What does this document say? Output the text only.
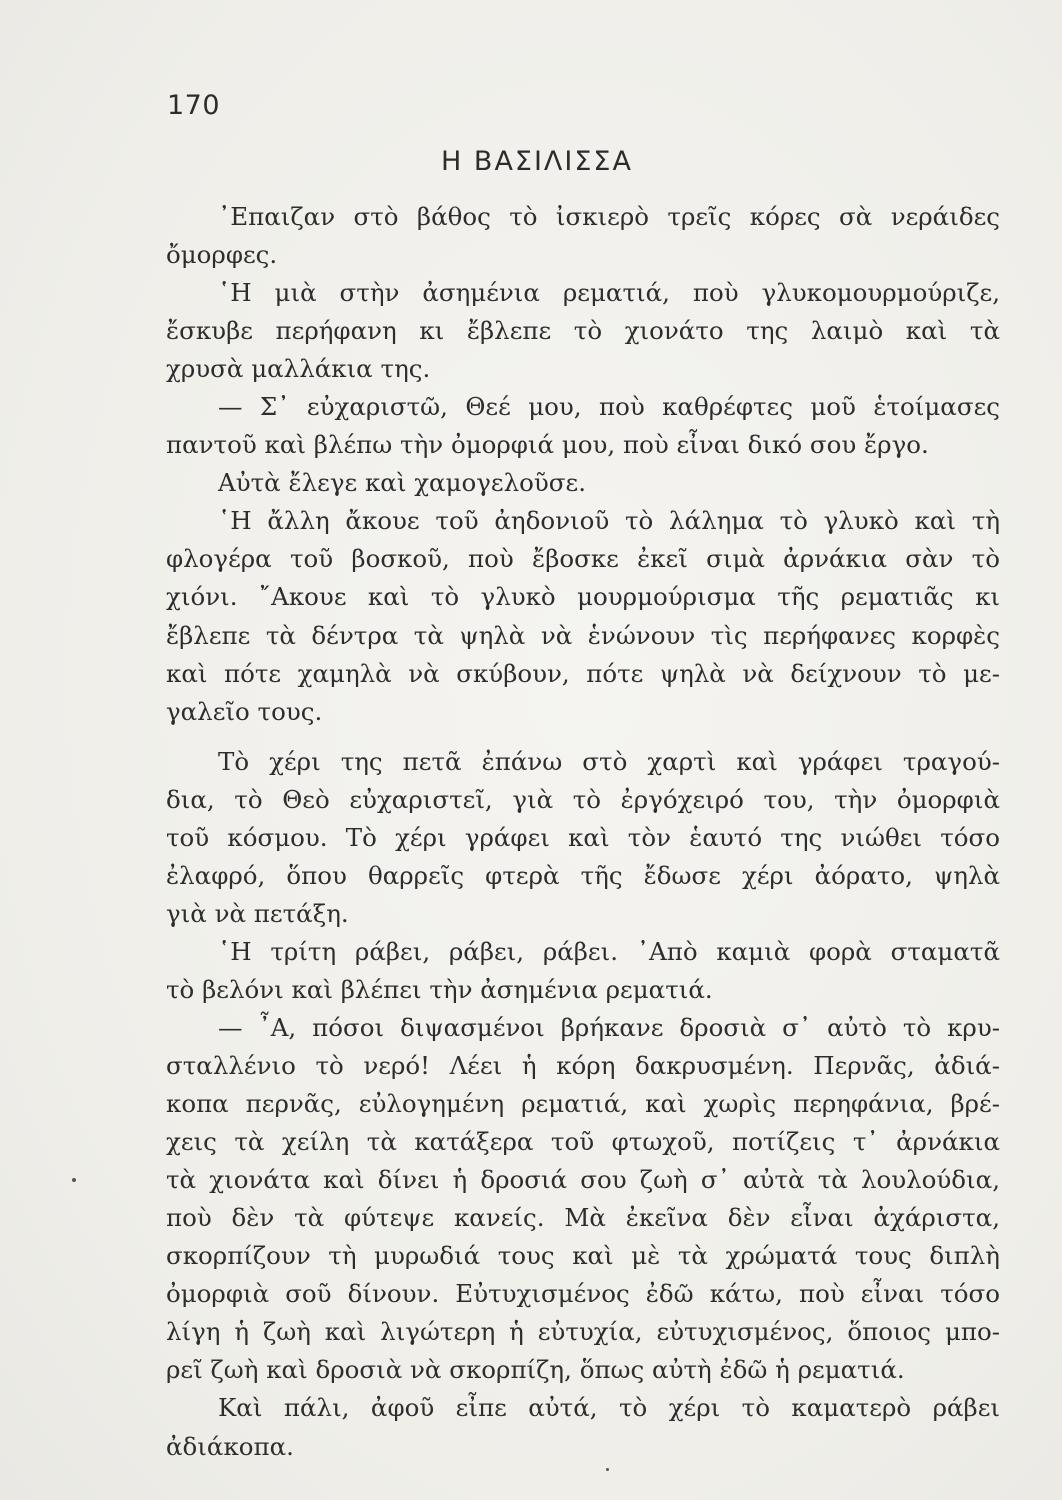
170
Η ΒΑΣΙΛΙΣΣΑ
᾿Επαιζαν στὸ βάθος τὸ ἰσκιερὸ τρεῖς κόρες σὰ νεράιδες
ὄμορφες.
῾Η μιὰ στὴν ἀσημένια ρεματιά, ποὺ γλυκομουρμούριζε,
ἔσκυβε περήφανη κι ἔβλεπε τὸ χιονάτο της λαιμὸ καὶ τὰ
χρυσὰ μαλλάκια της.
— Σ᾿ εὐχαριστῶ, Θεέ μου, ποὺ καθρέφτες μοῦ ἑτοίμασες
παντοῦ καὶ βλέπω τὴν ὀμορφιά μου, ποὺ εἶναι δικό σου ἔργο.
Αὐτὰ ἔλεγε καὶ χαμογελοῦσε.
῾Η ἄλλη ἄκουε τοῦ ἀηδονιοῦ τὸ λάλημα τὸ γλυκὸ καὶ τὴ
φλογέρα τοῦ βοσκοῦ, ποὺ ἔβοσκε ἐκεῖ σιμὰ ἀρνάκια σὰν τὸ
χιόνι. ῎Ακουε καὶ τὸ γλυκὸ μουρμούρισμα τῆς ρεματιᾶς κι
ἔβλεπε τὰ δέντρα τὰ ψηλὰ νὰ ἑνώνουν τὶς περήφανες κορφὲς
καὶ πότε χαμηλὰ νὰ σκύβουν, πότε ψηλὰ νὰ δείχνουν τὸ με-
γαλεῖο τους.
Τὸ χέρι της πετᾶ ἐπάνω στὸ χαρτὶ καὶ γράφει τραγού-
δια, τὸ Θεὸ εὐχαριστεῖ, γιὰ τὸ ἐργόχειρό του, τὴν ὀμορφιὰ
τοῦ κόσμου. Τὸ χέρι γράφει καὶ τὸν ἑαυτό της νιώθει τόσο
ἐλαφρό, ὅπου θαρρεῖς φτερὰ τῆς ἔδωσε χέρι ἀόρατο, ψηλὰ
γιὰ νὰ πετάξη.
῾Η τρίτη ράβει, ράβει, ράβει. ᾿Απὸ καμιὰ φορὰ σταματᾶ
τὸ βελόνι καὶ βλέπει τὴν ἀσημένια ρεματιά.
— ῏Α, πόσοι διψασμένοι βρήκανε δροσιὰ σ᾿ αὐτὸ τὸ κρυ-
σταλλένιο τὸ νερό! Λέει ἡ κόρη δακρυσμένη. Περνᾶς, ἀδιά-
κοπα περνᾶς, εὐλογημένη ρεματιά, καὶ χωρὶς περηφάνια, βρέ-
χεις τὰ χείλη τὰ κατάξερα τοῦ φτωχοῦ, ποτίζεις τ᾿ ἀρνάκια
τὰ χιονάτα καὶ δίνει ἡ δροσιά σου ζωὴ σ᾿ αὐτὰ τὰ λουλούδια,
ποὺ δὲν τὰ φύτεψε κανείς. Μὰ ἐκεῖνα δὲν εἶναι ἀχάριστα,
σκορπίζουν τὴ μυρωδιά τους καὶ μὲ τὰ χρώματά τους διπλὴ
ὀμορφιὰ σοῦ δίνουν. Εὐτυχισμένος ἐδῶ κάτω, ποὺ εἶναι τόσο
λίγη ἡ ζωὴ καὶ λιγώτερη ἡ εὐτυχία, εὐτυχισμένος, ὅποιος μπο-
ρεῖ ζωὴ καὶ δροσιὰ νὰ σκορπίζη, ὅπως αὐτὴ ἐδῶ ἡ ρεματιά.
Καὶ πάλι, ἀφοῦ εἶπε αὐτά, τὸ χέρι τὸ καματερὸ ράβει
ἀδιάκοπα.
